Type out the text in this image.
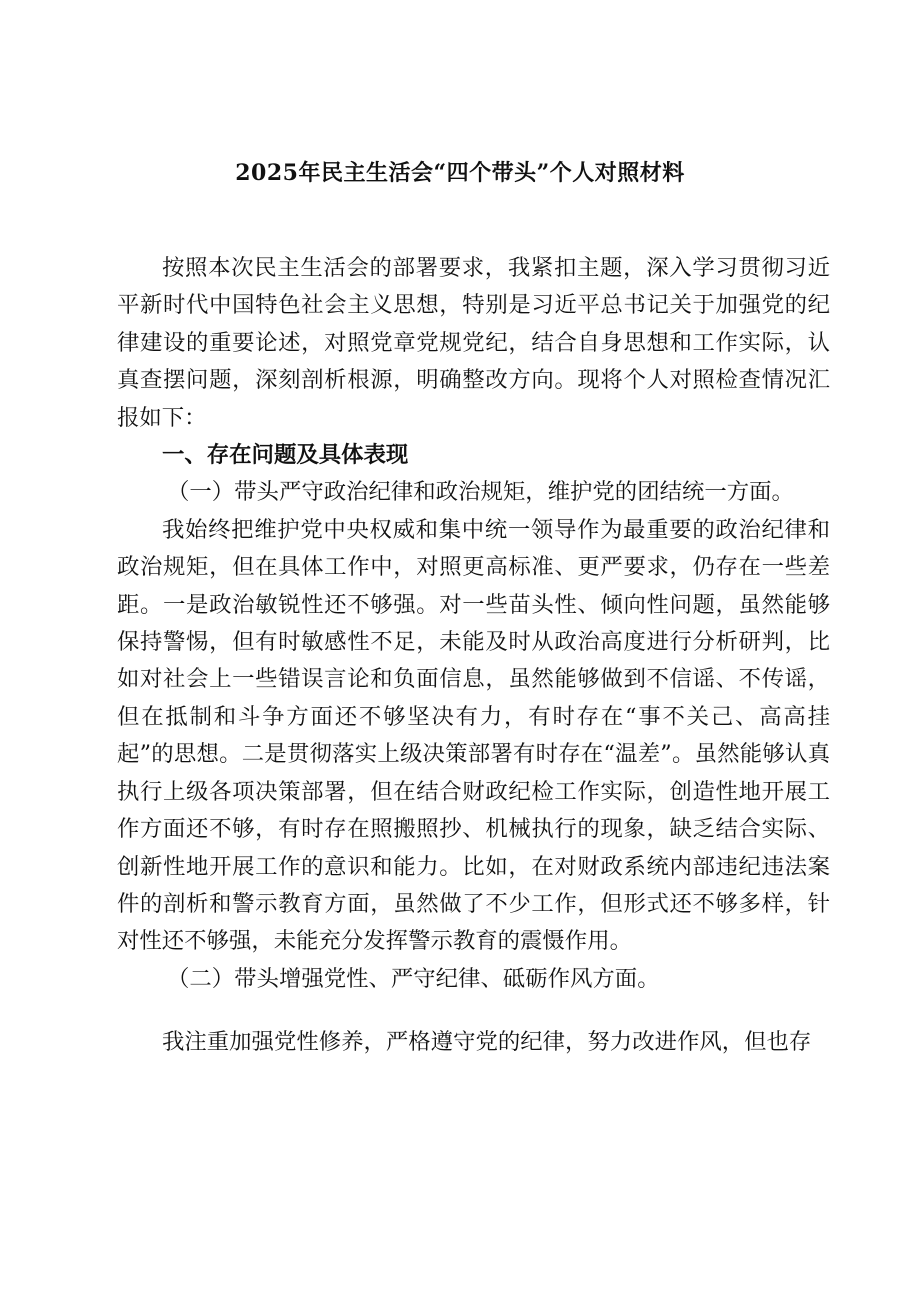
2025年民主生活会“四个带头”个人对照材料

按照本次民主生活会的部署要求，我紧扣主题，深入学习贯彻习近平新时代中国特色社会主义思想，特别是习近平总书记关于加强党的纪律建设的重要论述，对照党章党规党纪，结合自身思想和工作实际，认真查摆问题，深刻剖析根源，明确整改方向。现将个人对照检查情况汇报如下：

一、存在问题及具体表现

（一）带头严守政治纪律和政治规矩，维护党的团结统一方面。

我始终把维护党中央权威和集中统一领导作为最重要的政治纪律和政治规矩，但在具体工作中，对照更高标准、更严要求，仍存在一些差距。一是政治敏锐性还不够强。对一些苗头性、倾向性问题，虽然能够保持警惕，但有时敏感性不足，未能及时从政治高度进行分析研判，比如对社会上一些错误言论和负面信息，虽然能够做到不信谣、不传谣，但在抵制和斗争方面还不够坚决有力，有时存在“事不关己、高高挂起”的思想。二是贯彻落实上级决策部署有时存在“温差”。虽然能够认真执行上级各项决策部署，但在结合财政纪检工作实际，创造性地开展工作方面还不够，有时存在照搬照抄、机械执行的现象，缺乏结合实际、创新性地开展工作的意识和能力。比如，在对财政系统内部违纪违法案件的剖析和警示教育方面，虽然做了不少工作，但形式还不够多样，针对性还不够强，未能充分发挥警示教育的震慑作用。

（二）带头增强党性、严守纪律、砥砺作风方面。

我注重加强党性修养，严格遵守党的纪律，努力改进作风，但也存
